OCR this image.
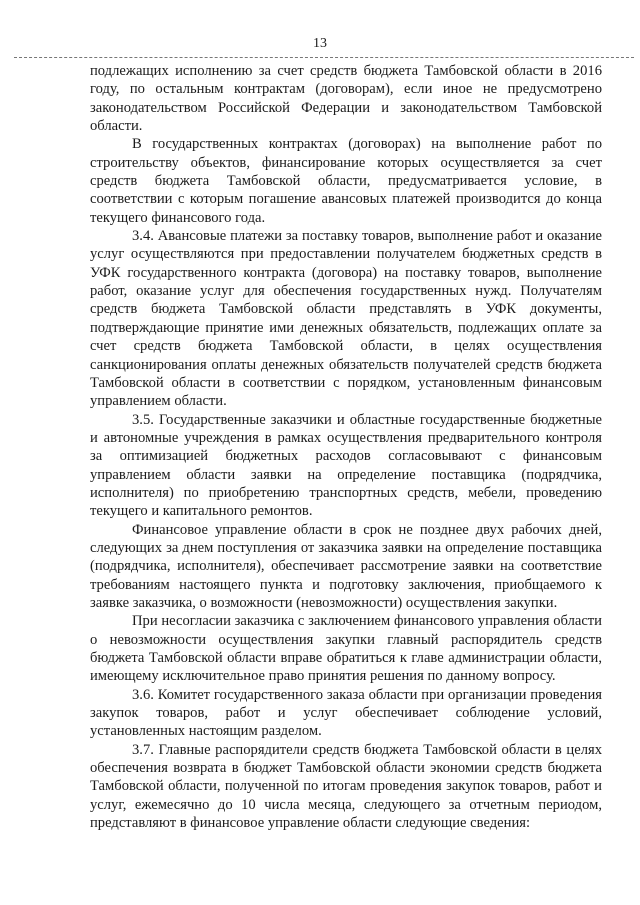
13

подлежащих исполнению за счет средств бюджета Тамбовской области в 2016 году, по остальным контрактам (договорам), если иное не предусмотрено законодательством Российской Федерации и законодательством Тамбовской области.

В государственных контрактах (договорах) на выполнение работ по строительству объектов, финансирование которых осуществляется за счет средств бюджета Тамбовской области, предусматривается условие, в соответствии с которым погашение авансовых платежей производится до конца текущего финансового года.

3.4. Авансовые платежи за поставку товаров, выполнение работ и оказание услуг осуществляются при предоставлении получателем бюджетных средств в УФК государственного контракта (договора) на поставку товаров, выполнение работ, оказание услуг для обеспечения государственных нужд. Получателям средств бюджета Тамбовской области представлять в УФК документы, подтверждающие принятие ими денежных обязательств, подлежащих оплате за счет средств бюджета Тамбовской области, в целях осуществления санкционирования оплаты денежных обязательств получателей средств бюджета Тамбовской области в соответствии с порядком, установленным финансовым управлением области.

3.5. Государственные заказчики и областные государственные бюджетные и автономные учреждения в рамках осуществления предварительного контроля за оптимизацией бюджетных расходов согласовывают с финансовым управлением области заявки на определение поставщика (подрядчика, исполнителя) по приобретению транспортных средств, мебели, проведению текущего и капитального ремонтов.

Финансовое управление области в срок не позднее двух рабочих дней, следующих за днем поступления от заказчика заявки на определение поставщика (подрядчика, исполнителя), обеспечивает рассмотрение заявки на соответствие требованиям настоящего пункта и подготовку заключения, приобщаемого к заявке заказчика, о возможности (невозможности) осуществления закупки.

При несогласии заказчика с заключением финансового управления области о невозможности осуществления закупки главный распорядитель средств бюджета Тамбовской области вправе обратиться к главе администрации области, имеющему исключительное право принятия решения по данному вопросу.

3.6. Комитет государственного заказа области при организации проведения закупок товаров, работ и услуг обеспечивает соблюдение условий, установленных настоящим разделом.

3.7. Главные распорядители средств бюджета Тамбовской области в целях обеспечения возврата в бюджет Тамбовской области экономии средств бюджета Тамбовской области, полученной по итогам проведения закупок товаров, работ и услуг, ежемесячно до 10 числа месяца, следующего за отчетным периодом, представляют в финансовое управление области следующие сведения:
